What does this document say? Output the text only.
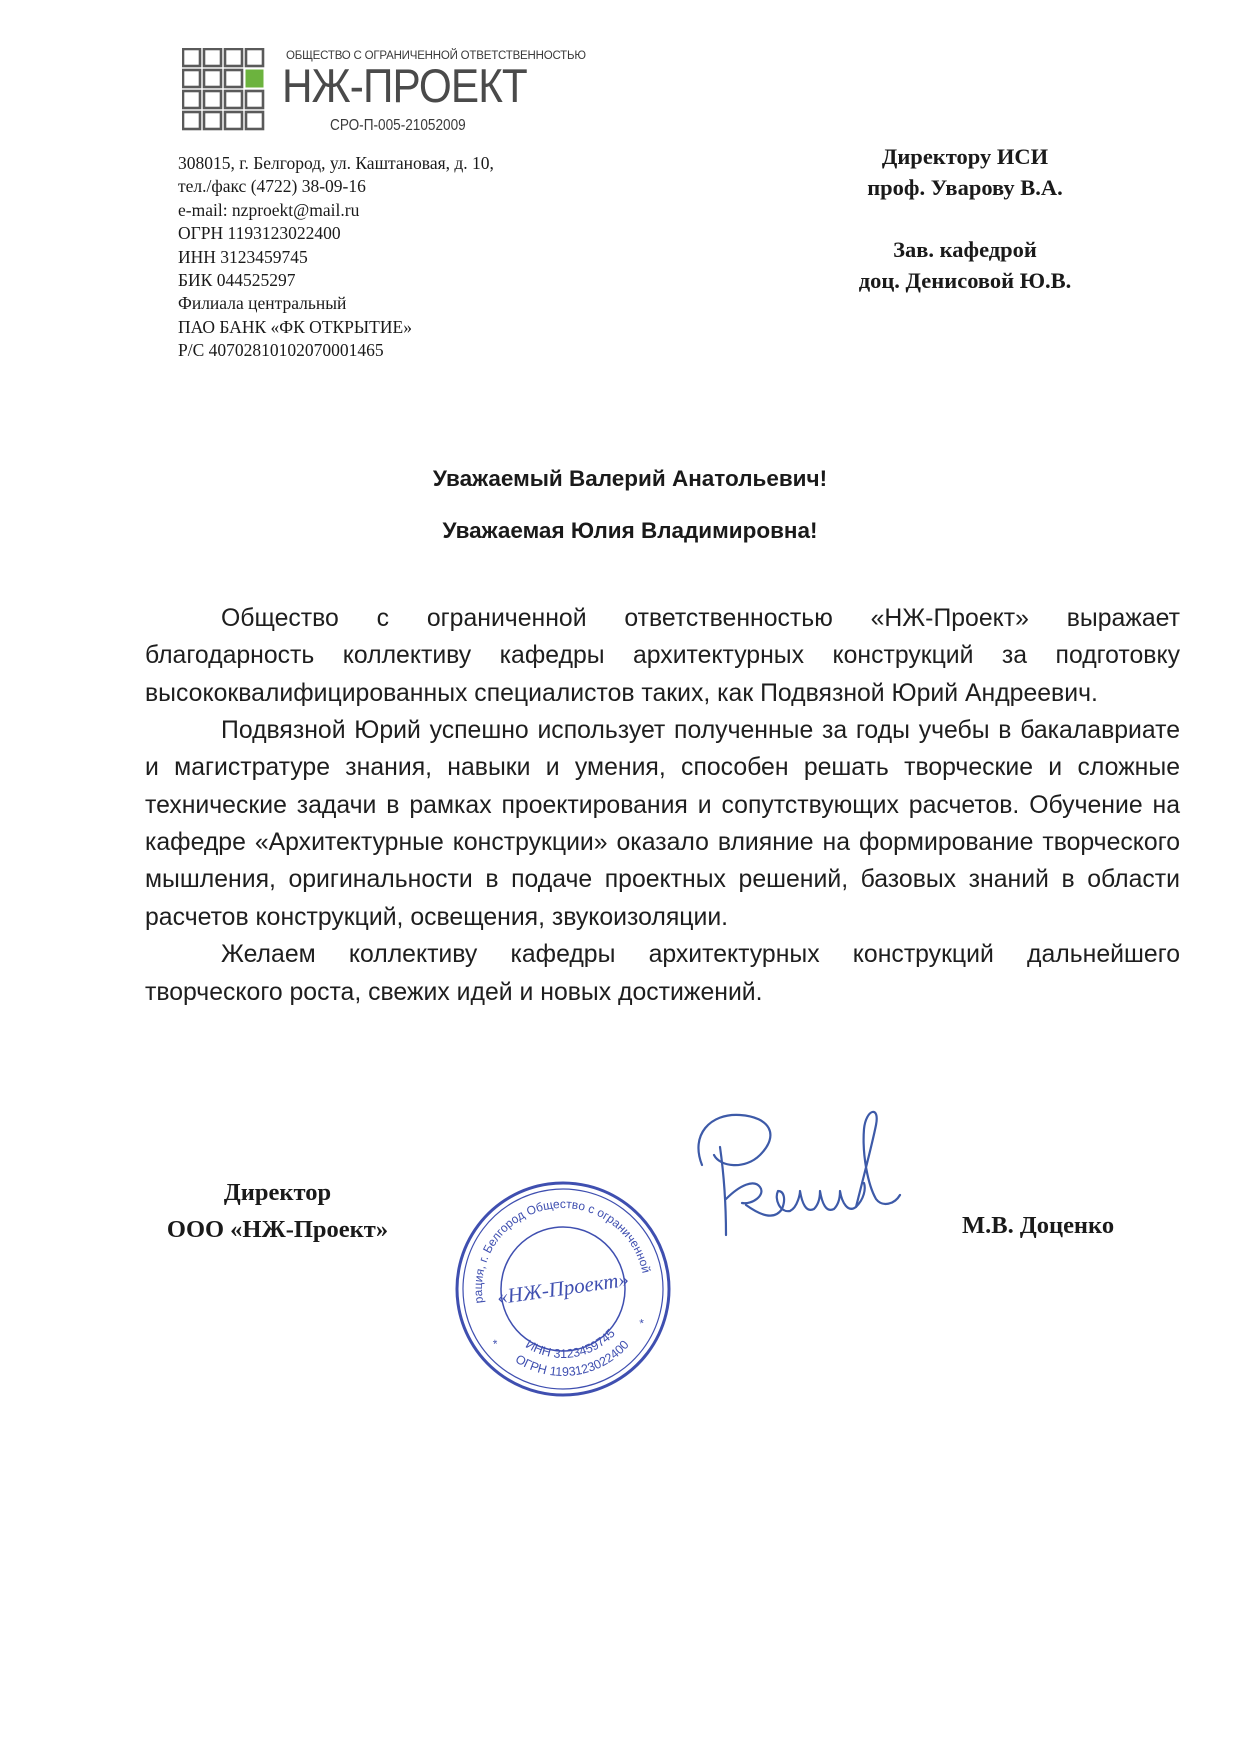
ОБЩЕСТВО С ОГРАНИЧЕННОЙ ОТВЕТСТВЕННОСТЬЮ
НЖ-ПРОЕКТ
СРО-П-005-21052009
308015, г. Белгород, ул. Каштановая, д. 10,
тел./факс (4722) 38-09-16
e-mail: nzproekt@mail.ru
ОГРН 1193123022400
ИНН 3123459745
БИК 044525297
Филиала центральный
ПАО БАНК «ФК ОТКРЫТИЕ»
Р/С 40702810102070001465
Директору ИСИ
проф. Уварову В.А.
Зав. кафедрой
доц. Денисовой Ю.В.
Уважаемый Валерий Анатольевич!
Уважаемая Юлия Владимировна!

Общество с ограниченной ответственностью «НЖ-Проект» выражает благодарность коллективу кафедры архитектурных конструкций за подготовку высококвалифицированных специалистов таких, как Подвязной Юрий Андреевич.

Подвязной Юрий успешно использует полученные за годы учебы в бакалавриате и магистратуре знания, навыки и умения, способен решать творческие и сложные технические задачи в рамках проектирования и сопутствующих расчетов. Обучение на кафедре «Архитектурные конструкции» оказало влияние на формирование творческого мышления, оригинальности в подаче проектных решений, базовых знаний в области расчетов конструкций, освещения, звукоизоляции.

Желаем коллективу кафедры архитектурных конструкций дальнейшего творческого роста, свежих идей и новых достижений.

Директор
ООО «НЖ-Проект»
федерация, г. Белгород Общество с ограниченной
ИНН 3123459745
ОГРН 1193123022400
«НЖ-Проект»
*
*
М.В. Доценко
